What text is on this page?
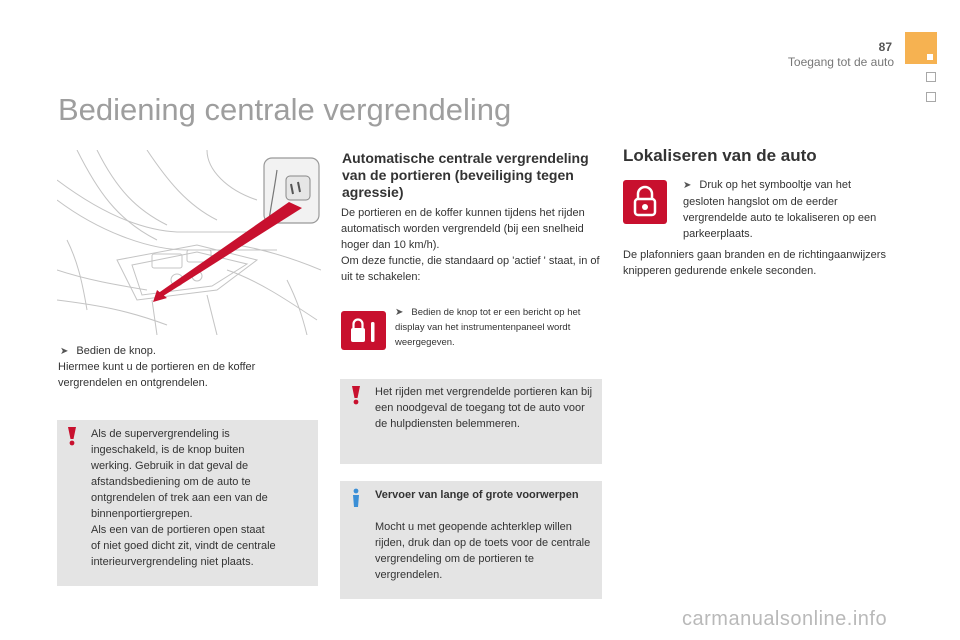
87
Toegang tot de auto
Bediening centrale vergrendeling
➤ Bedien de knop.
Hiermee kunt u de portieren en de koffer vergrendelen en ontgrendelen.
Als de supervergrendeling is
ingeschakeld, is de knop buiten
werking. Gebruik in dat geval de
afstandsbediening om de auto te
ontgrendelen of trek aan een van de
binnenportiergrepen.
Als een van de portieren open staat
of niet goed dicht zit, vindt de centrale
interieurvergrendeling niet plaats.
Automatische centrale vergrendeling van de portieren (beveiliging tegen agressie)
De portieren en de koffer kunnen tijdens het rijden automatisch worden vergrendeld (bij een snelheid hoger dan 10 km/h).
Om deze functie, die standaard op 'actief ' staat, in of uit te schakelen:
➤ Bedien de knop tot er een bericht op het display van het instrumentenpaneel wordt weergegeven.
Het rijden met vergrendelde portieren kan bij een noodgeval de toegang tot de auto voor de hulpdiensten belemmeren.
Vervoer van lange of grote voorwerpen
Mocht u met geopende achterklep willen rijden, druk dan op de toets voor de centrale vergrendeling om de portieren te vergrendelen.
Lokaliseren van de auto
➤ Druk op het symbooltje van het gesloten hangslot om de eerder vergrendelde auto te lokaliseren op een parkeerplaats.
De plafonniers gaan branden en de richtingaanwijzers knipperen gedurende enkele seconden.
carmanualsonline.info
